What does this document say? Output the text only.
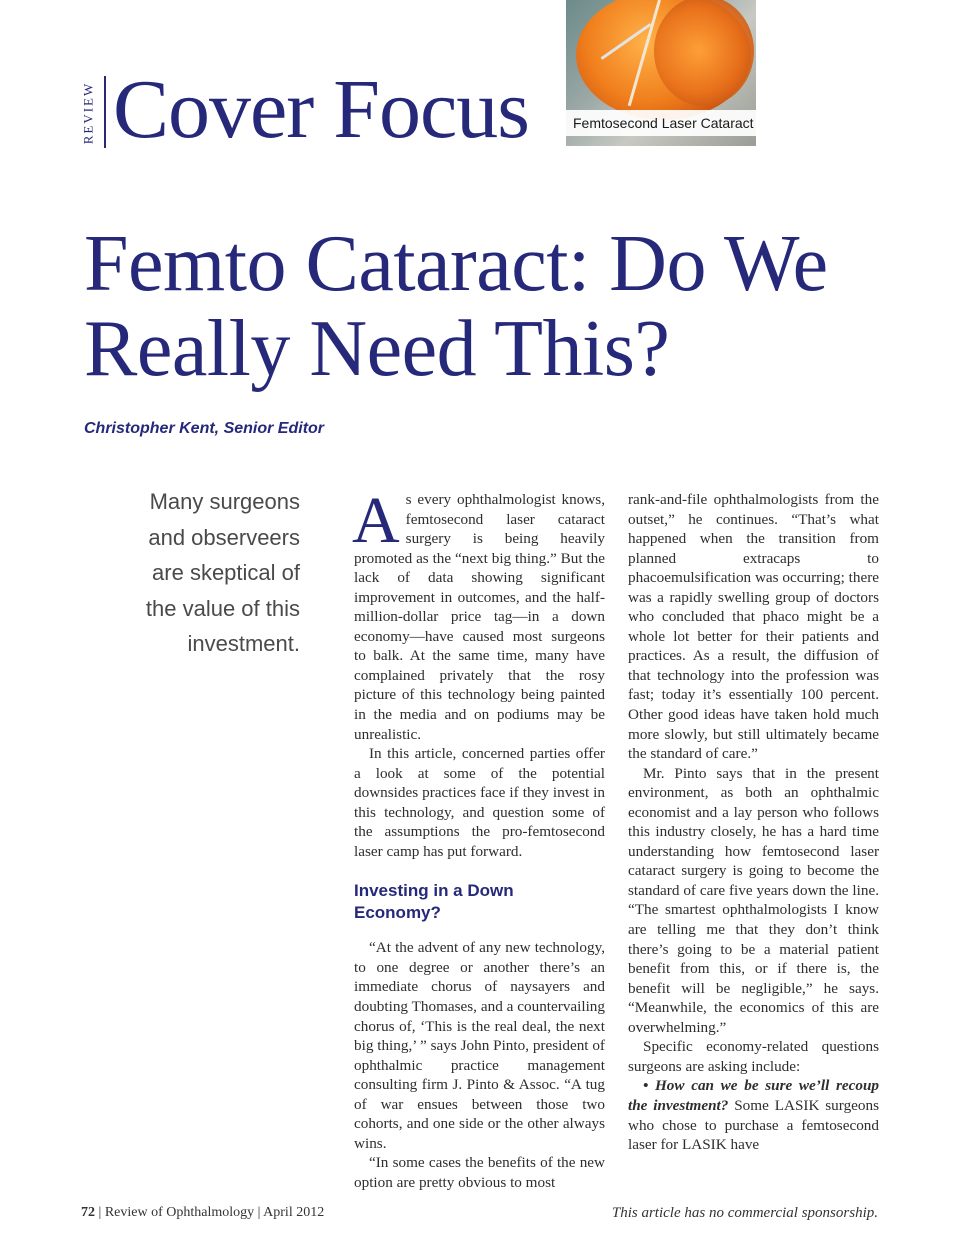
REVIEW Cover Focus	Femtosecond Laser Cataract
Femto Cataract: Do We Really Need This?
Christopher Kent, Senior Editor
Many surgeons and observeers are skeptical of the value of this investment.

As every ophthalmologist knows, femtosecond laser cataract surgery is being heavily promoted as the “next big thing.” But the lack of data showing significant improvement in outcomes, and the half-million-dollar price tag—in a down economy—have caused most surgeons to balk. At the same time, many have complained privately that the rosy picture of this technology being painted in the media and on podiums may be unrealistic.

In this article, concerned parties offer a look at some of the potential downsides practices face if they invest in this technology, and question some of the assumptions the pro-femtosecond laser camp has put forward.

Investing in a Down Economy?

“At the advent of any new technology, to one degree or another there’s an immediate chorus of naysayers and doubting Thomases, and a countervailing chorus of, ‘This is the real deal, the next big thing,’ ” says John Pinto, president of ophthalmic practice management consulting firm J. Pinto & Assoc. “A tug of war ensues between those two cohorts, and one side or the other always wins.

“In some cases the benefits of the new option are pretty obvious to most

rank-and-file ophthalmologists from the outset,” he continues. “That’s what happened when the transition from planned extracaps to phacoemulsification was occurring; there was a rapidly swelling group of doctors who concluded that phaco might be a whole lot better for their patients and practices. As a result, the diffusion of that technology into the profession was fast; today it’s essentially 100 percent. Other good ideas have taken hold much more slowly, but still ultimately became the standard of care.”

Mr. Pinto says that in the present environment, as both an ophthalmic economist and a lay person who follows this industry closely, he has a hard time understanding how femtosecond laser cataract surgery is going to become the standard of care five years down the line. “The smartest ophthalmologists I know are telling me that they don’t think there’s going to be a material patient benefit from this, or if there is, the benefit will be negligible,” he says. “Meanwhile, the economics of this are overwhelming.”

Specific economy-related questions surgeons are asking include:

• How can we be sure we’ll recoup the investment? Some LASIK surgeons who chose to purchase a femtosecond laser for LASIK have

72 | Review of Ophthalmology | April 2012	This article has no commercial sponsorship.
